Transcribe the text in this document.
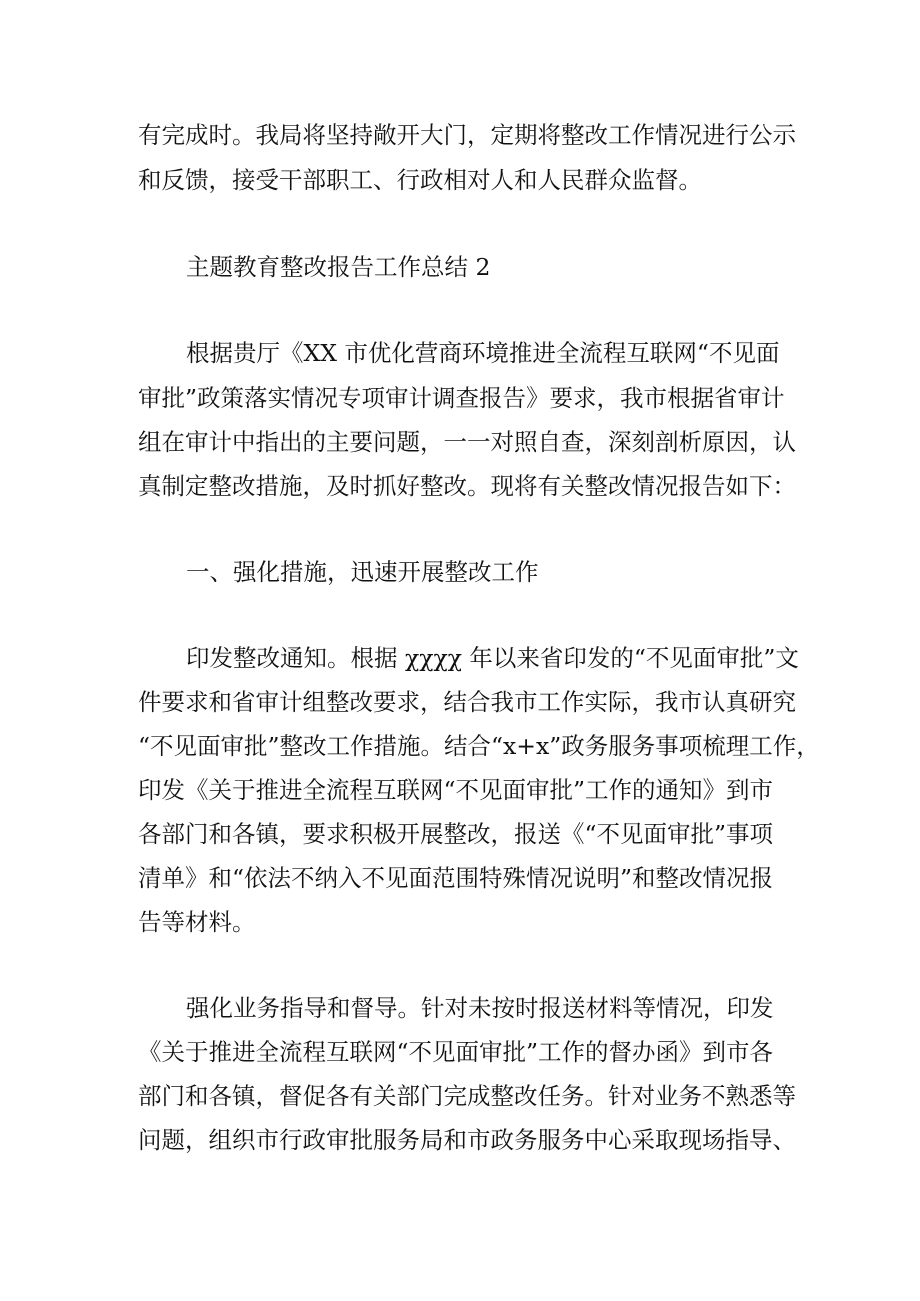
有完成时。我局将坚持敞开大门，定期将整改工作情况进行公示
和反馈，接受干部职工、行政相对人和人民群众监督。
主题教育整改报告工作总结 2
根据贵厅《XX 市优化营商环境推进全流程互联网“不见面
审批”政策落实情况专项审计调查报告》要求，我市根据省审计
组在审计中指出的主要问题，一一对照自查，深刻剖析原因，认
真制定整改措施，及时抓好整改。现将有关整改情况报告如下：
一、强化措施，迅速开展整改工作
印发整改通知。根据 χχχχ 年以来省印发的“不见面审批”文
件要求和省审计组整改要求，结合我市工作实际，我市认真研究
“不见面审批”整改工作措施。结合“x+x”政务服务事项梳理工作，
印发《关于推进全流程互联网“不见面审批”工作的通知》到市
各部门和各镇，要求积极开展整改，报送《“不见面审批”事项
清单》和“依法不纳入不见面范围特殊情况说明”和整改情况报
告等材料。
强化业务指导和督导。针对未按时报送材料等情况，印发
《关于推进全流程互联网“不见面审批”工作的督办函》到市各
部门和各镇，督促各有关部门完成整改任务。针对业务不熟悉等
问题，组织市行政审批服务局和市政务服务中心采取现场指导、
